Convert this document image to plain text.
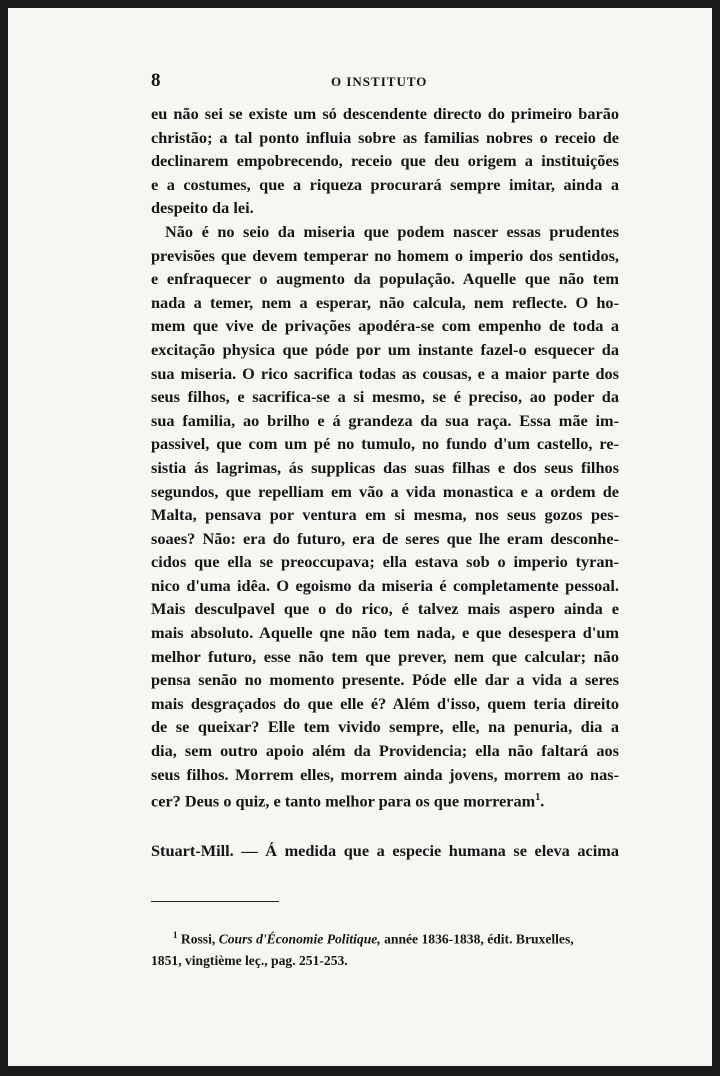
8	O INSTITUTO
eu não sei se existe um só descendente directo do primeiro barão
christão; a tal ponto influia sobre as familias nobres o receio de
declinarem empobrecendo, receio que deu origem a instituições
e a costumes, que a riqueza procurará sempre imitar, ainda a
despeito da lei.
Não é no seio da miseria que podem nascer essas prudentes
previsões que devem temperar no homem o imperio dos sentidos,
e enfraquecer o augmento da população. Aquelle que não tem
nada a temer, nem a esperar, não calcula, nem reflecte. O ho-
mem que vive de privações apodéra-se com empenho de toda a
excitação physica que póde por um instante fazel-o esquecer da
sua miseria. O rico sacrifica todas as cousas, e a maior parte dos
seus filhos, e sacrifica-se a si mesmo, se é preciso, ao poder da
sua familia, ao brilho e á grandeza da sua raça. Essa mãe im-
passivel, que com um pé no tumulo, no fundo d'um castello, re-
sistia ás lagrimas, ás supplicas das suas filhas e dos seus filhos
segundos, que repelliam em vão a vida monastica e a ordem de
Malta, pensava por ventura em si mesma, nos seus gozos pes-
soaes? Não: era do futuro, era de seres que lhe eram desconhe-
cidos que ella se preoccupava; ella estava sob o imperio tyran-
nico d'uma idêa. O egoismo da miseria é completamente pessoal.
Mais desculpavel que o do rico, é talvez mais aspero ainda e
mais absoluto. Aquelle qne não tem nada, e que desespera d'um
melhor futuro, esse não tem que prever, nem que calcular; não
pensa senão no momento presente. Póde elle dar a vida a seres
mais desgraçados do que elle é? Além d'isso, quem teria direito
de se queixar? Elle tem vivido sempre, elle, na penuria, dia a
dia, sem outro apoio além da Providencia; ella não faltará aos
seus filhos. Morrem elles, morrem ainda jovens, morrem ao nas-
cer? Deus o quiz, e tanto melhor para os que morreram$^1$.
Stuart-Mill. — Á medida que a especie humana se eleva acima
$^1$ Rossi, Cours d'Économie Politique, année 1836-1838, édit. Bruxelles,
1851, vingtième leç., pag. 251-253.
